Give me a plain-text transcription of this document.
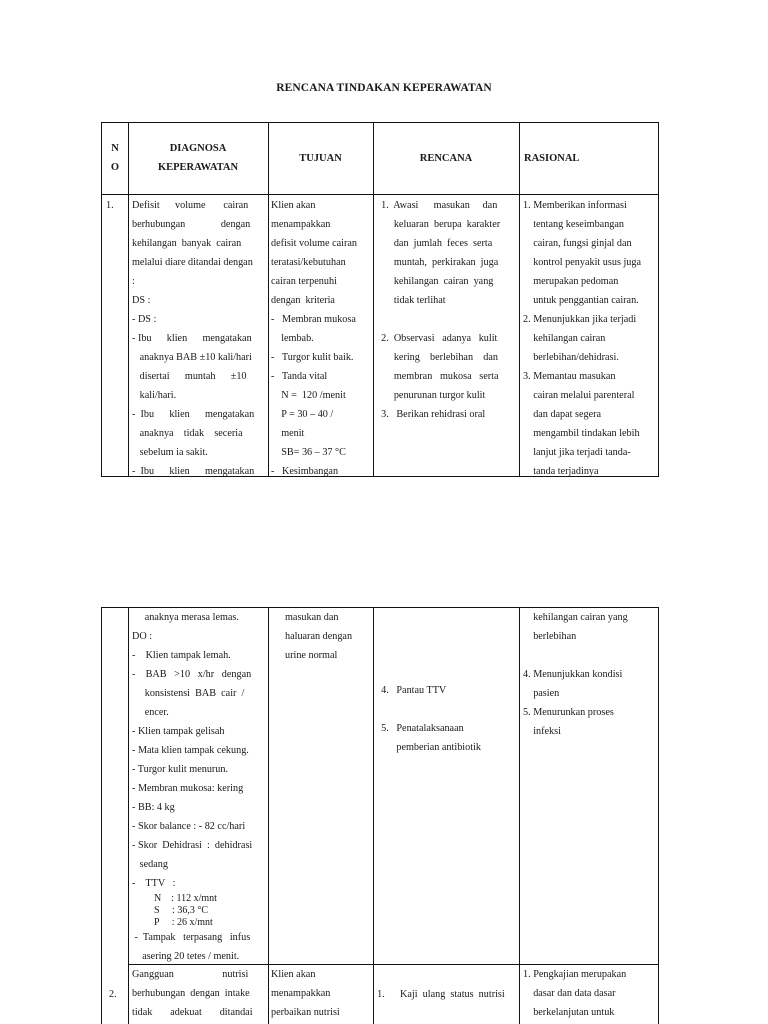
RENCANA TINDAKAN KEPERAWATAN
N
O
DIAGNOSA
KEPERAWATAN
TUJUAN	RENCANA	RASIONAL
1. Defisit      volume       cairan
berhubungan              dengan
kehilangan  banyak  cairan
melalui diare ditandai dengan
:
DS :
- DS :
- Ibu      klien      mengatakan
anaknya BAB ±10 kali/hari
disertai      muntah      ±10
kali/hari.
-  Ibu      klien      mengatakan
anaknya    tidak    seceria
sebelum ia sakit.
-  Ibu      klien      mengatakan
Klien akan
menampakkan
defisit volume cairan
teratasi/kebutuhan
cairan terpenuhi
dengan  kriteria
-   Membran mukosa
lembab.
-   Turgor kulit baik.
-   Tanda vital
N =  120 /menit
P = 30 – 40 /
menit
SB= 36 – 37 °C
-   Kesimbangan
1.  Awasi      masukan     dan
keluaran  berupa  karakter
dan  jumlah  feces  serta
muntah,  perkirakan  juga
kehilangan  cairan  yang
tidak terlihat

2.  Observasi   adanya   kulit
kering    berlebihan    dan
membran   mukosa   serta
penurunan turgor kulit
3.   Berikan rehidrasi oral
1. Memberikan informasi
tentang keseimbangan
cairan, fungsi ginjal dan
kontrol penyakit usus juga
merupakan pedoman
untuk penggantian cairan.
2. Menunjukkan jika terjadi
kehilangan cairan
berlebihan/dehidrasi.
3. Memantau masukan
cairan melalui parenteral
dan dapat segera
mengambil tindakan lebih
lanjut jika terjadi tanda-
tanda terjadinya
anaknya merasa lemas.
DO :
-    Klien tampak lemah.
-    BAB   >10   x/hr   dengan
konsistensi  BAB  cair  /
encer.
- Klien tampak gelisah
- Mata klien tampak cekung.
- Turgor kulit menurun.
- Membran mukosa: kering
- BB: 4 kg
- Skor balance : - 82 cc/hari
- Skor  Dehidrasi  :  dehidrasi
sedang
-    TTV   :
N    : 112 x/mnt
S     : 36,3 °C
P     : 26 x/mnt
-  Tampak   terpasang   infus
asering 20 tetes / menit.
masukan dan
haluaran dengan
urine normal
4.   Pantau TTV

5.   Penatalaksanaan
pemberian antibiotik
kehilangan cairan yang
berlebihan

4. Menunjukkan kondisi
pasien
5. Menurunkan proses
infeksi
2.
Gangguan                   nutrisi
berhubungan  dengan  intake
tidak       adekuat       ditandai
Klien akan
menampakkan
perbaikan nutrisi
1.      Kaji  ulang  status  nutrisi
1. Pengkajian merupakan
dasar dan data dasar
berkelanjutan untuk
